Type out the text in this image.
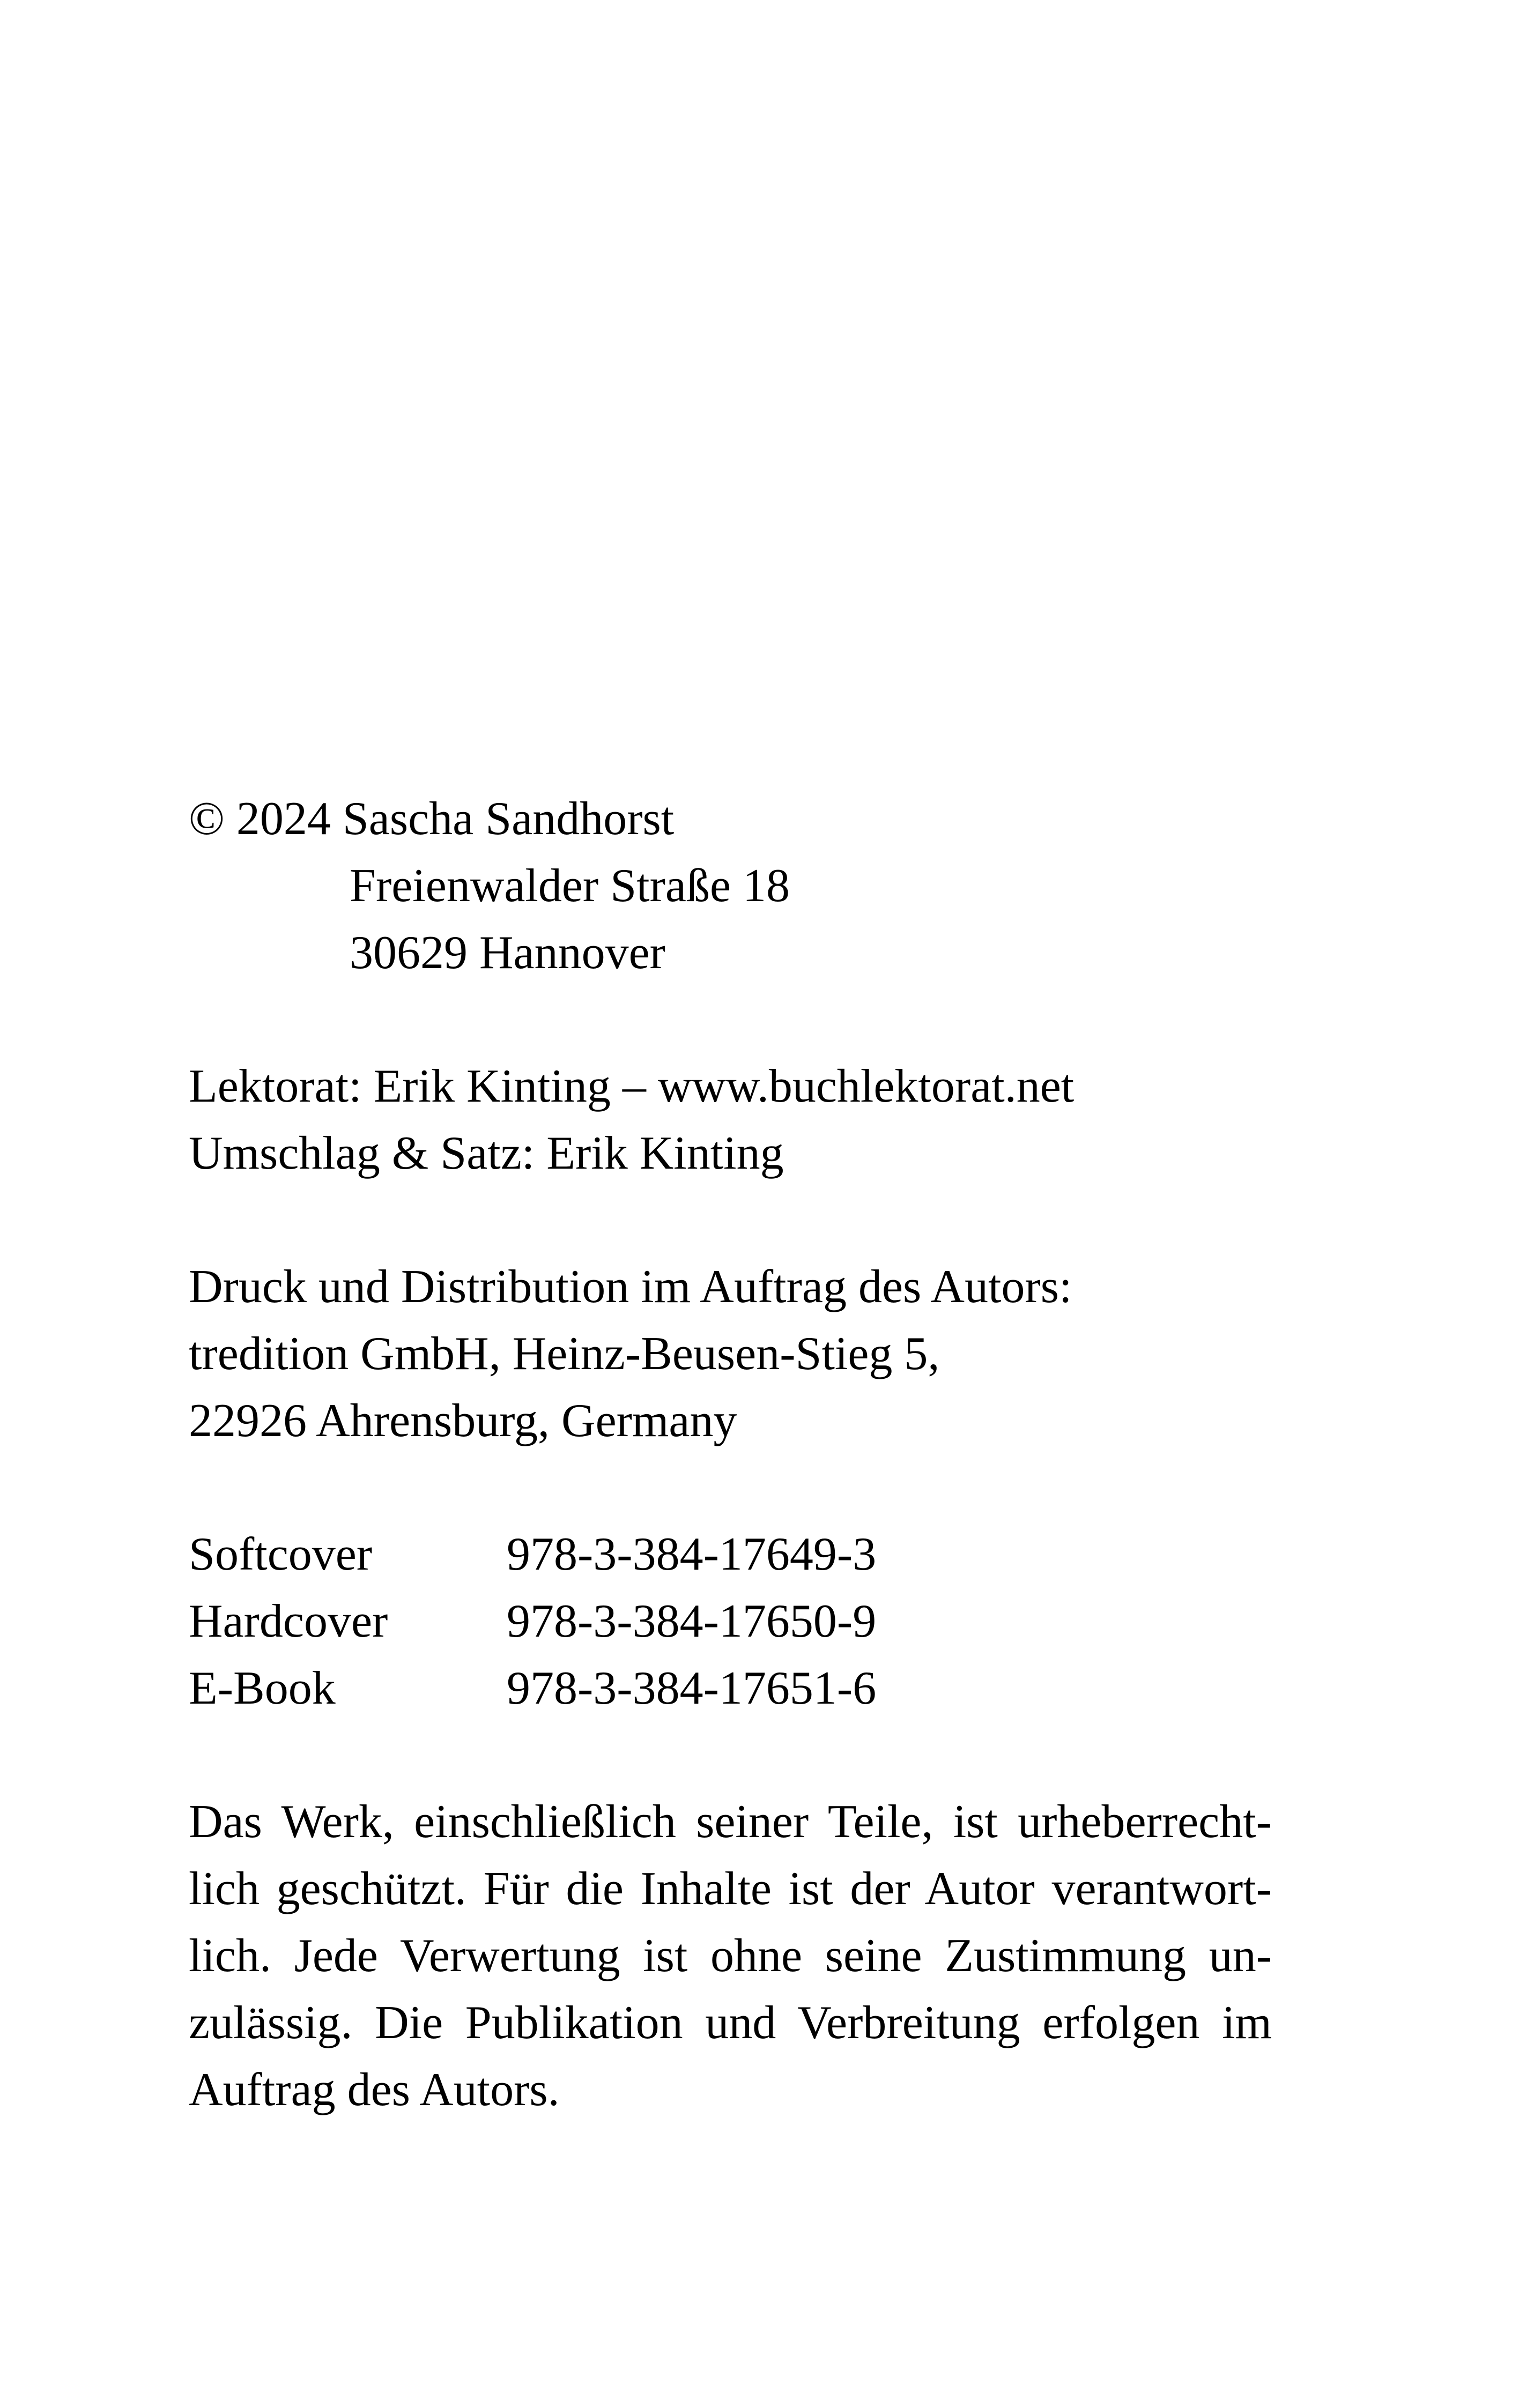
© 2024 Sascha Sandhorst
Freienwalder Straße 18
30629 Hannover
Lektorat: Erik Kinting – www.buchlektorat.net
Umschlag & Satz: Erik Kinting
Druck und Distribution im Auftrag des Autors:
tredition GmbH, Heinz-Beusen-Stieg 5,
22926 Ahrensburg, Germany
Softcover	978-3-384-17649-3
Hardcover	978-3-384-17650-9
E-Book	978-3-384-17651-6
Das Werk, einschließlich seiner Teile, ist urheberrecht-
lich geschützt. Für die Inhalte ist der Autor verantwort-
lich. Jede Verwertung ist ohne seine Zustimmung un-
zulässig. Die Publikation und Verbreitung erfolgen im
Auftrag des Autors.
